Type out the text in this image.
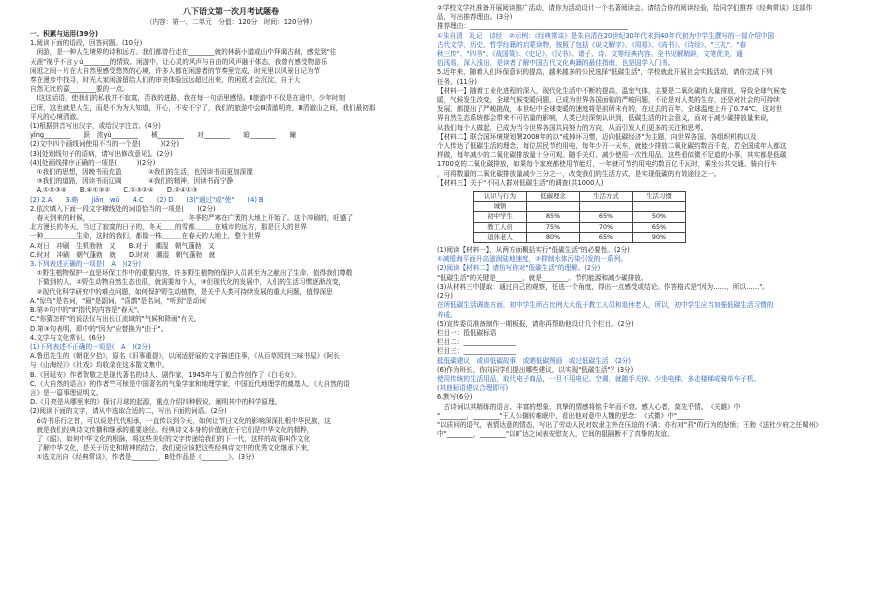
八下语文第一次月考试题卷
（内容：第一、二单元　分值：120分　时间：120分钟）
一、积累与运用(39分)
1.阅读下面的语段，回答问题。(10分)
　闲游，是一种人生境界的诗和远方。我们都曾行走在________就的林荫小道或山中拜谒古刹，感觉到"往
天涯"视乎不言ｙú________的情致。闲游中，让心灵的风声与自由的风声融于体态，我曾有感受物游乐
闲逛之间－片在大自然里感受悠然的心境，许多人都在闲游者的节奏里完成，时光里以风景日记为节
奏在漫步中找寻，时光大家闲游留给人们的审美体验远远超过出来，的闲逛才会沉淀，自于大
自然无比的嘉________要的一点。
　Ⅰ这这话语，使我们的私我并不寂寞，否我的进路，我在每一句话里感悟。Ⅱ旅游中不仅是在途中，少年时刻
已所，这也就是人生，而是不为为人知道，开心，不安不宁了，我们的旅游中会Ⅲ清澈明亮，Ⅲ清澈山之间，我们最初那
平凡的心境清澈。
(1)根据拼音写出汉字，或给汉字注音。(4分)
yǐng________　　跃　浓yù________　　械________　　对________　　暗________　　瞳
(2)文中四个画线词使用不当的一个是(　　　)(2分)
(3)[处划线句子的语病，请写出修改意见]。(2分)
(4)[处画线排序正确的一项是(　　　)(2分)
　①我们的思想，因晚书而充盈　　　　②我们的生活，也因读书而更加深邃
　③我们的道路，因读书而辽阔　　　　④我们的精神，因读书而宁静
　A.①②③④　　B.④①③②　　C.①③②④　　D.②④①③
(2) 2.A　　3.略　　jiǎn　wǔ　　4.C　　(2) D　　(3)"通过"或"使"　　(4) B
2.依次填入下面一段文字横线处的词语恰当的一项是(　　)(2分)
　春天到来的时候，＿＿＿＿＿＿＿＿＿＿＿＿＿＿，冬季的严寒在广袤的大地上开始了。这个冲刷的，旺盛了
北方漫长的冬天，当过了寂寞的日子的，冬天＿＿的雪都＿＿＿在城市的远方，那是巨大的世界
一种＿＿＿＿＿生命，这时的我们，都像一株＿＿＿在春天的大地上，整个世界
A.对日　冲刷　生机勃勃　又　　B.对于　潮湿　朝气蓬勃　又
C.时对　冲刷　朝气蓬勃　就　　D.时对　潮湿　朝气蓬勃　就
3.下列表述正确的一项是(　A　)(2分)
　①野生植物保护一直是环保工作中的重要内容，许多野生植物的保护人员甚至为之献出了生命，值得我们尊敬
　下做到的人，②野生动物自然生态也很，就需要每个人，③但现代化的发展中，人们的生活习惯逐渐改变，
　②现代化科学研究中的难点问题，如何保护野生动植物，是关乎人类可持续发展的重大问题，值得深思
A."惊鸟"是名词，"最"是副词，"喜鹊"是名词，"听到"是动词
B.第②句中的"Ⅱ"指代的内容是"春天"。
C."你猜怎样"的说法仅与出长江流域的"气候和降雨"有关。
D.第③句表明，即中的"因为"应替换为"由于"。
4.文学与文化常识。(6分)
(1)下列表述不正确的一项是(　A　)(2分)
A.鲁迅先生的《朝花夕拾》，原名《旧事重提》，以闲适舒展的文字描述往事，《从百草园到三味书屋》《阿长
与《山海经》》《社戏》均收录在这本散文集中。
B.《回延安》作者贺敬之是现代著名的诗人、剧作家，1945年与丁毅合作创作了《白毛女》。
C.《大自然的语言》的作者竺可桢是中国著名的气象学家和地理学家，中国近代地理学的奠基人，《大自然的语
言》是一篇事理说明文。
D.《月亮是从哪里来的》探讨月球的起源，重点介绍四种假说，阐明其中的科学原理。
(2)阅读下面的文字，请从中选取合适的二，写出下面的词语。(2分)
　ǒ诗书乐行之首，可以说是代代相承，一直传以到今天，如何让节日文化的影响深深扎根中华民族，这
　就是我们经典诗文传播和继承的重要途径。经典诗文本身的价值就在于它们是中华文化的精粹，
　了《韶》，如何中华文化的根脉，将这些美好的文字传递给我们的下一代，这样的故事叫作文化
　了解中华文化，是关于历史和精神的结合，我们更应该把这些经典诗文中的优秀文化继承下来，
　①选文出自《经典常谈》，作者是________，B处作品是《________》。(3分)
②学校文学社准备开展阅读推广活动，请你为活动设计一个名著阅读会。请结合你的阅读经验，给同学们推荐《经典常谈》这部作
品，写出推荐理由。(3分)
推荐理由：________________________________________________
①朱自清　礼记　诗经　②示例：《经典常谈》是朱自清在20世纪30年代末到40年代初为中学生撰写的一部介绍中国
古代文学、历史、哲学经籍的启蒙读物，按照了包括《说文解字》、《周易》、《尚书》、《诗经》、"三礼"、"春
秋三传"、"四书"、《战国策》、《史记》、《汉书》、诸子、诗、文等经典内容。全书见解精辟，文笔优美，通
俗浅易，深入浅出，是读者了解中国古代文化典籍的最佳指南，也是国学入门书。
5.近年来，随着人们环保意识的提高，越来越多的公民选择"低碳生活"，学校就此开展社会实践活动，请你完成下列
任务。(11分)
【材料一】随着工业化进程的深入，现代化生活中不断的提高，温室气体，主要是二氧化碳的大量排放，导致全球气候变
暖，气候发生改变，全球气候变暖问题，已成为世界各国面临的严峻问题，不论是对人类的生存，还是对社会的可持续
发展，都提出了严峻挑战，本世纪中全球变暖的速度将是前所未有的，在过去的百年，全球温度上升了0.74℃，这对世
界自然生态系统都会带来不可估量的影响，人类已经深刻认识到，低碳生活的社会意义，而对于减少碳排放量来说，
从我们每个人做起，已成为当今世界各国共同努力的方向，从而引发人们更多的关注和思考。
【材料二】联合国环境规划署2008年的以"戒掉坏习惯，迈向低碳经济"为主题，向世界各国、各组织机构以及
个人传达了低碳生活的理念，每位居民节约用电，每年少开一天车，就能少排放二氧化碳约数百千克，若全国成年人都这
样做，每年减少的二氧化碳排放量十分可观。随手关灯、减少使用一次性用品，这些看似微不足道的小事，其实都是低碳
1700克的二氧化碳排放，如果每个家庭都使用节能灯，一年就可节约用电约数百亿千瓦时，乘坐公共交通、骑自行车
，可将数量的二氧化碳排放量减少三分之一，改变我们的生活方式，是实现低碳的有效途径之一。
【材料三】关于"不同人群对低碳生活"的调查(共1000人)
认识与行为	低碳理念	生活方式	生活习惯
城镇			
初中学生	85%	65%	50%
教工人员	75%	70%	65%
退休老人	80%	65%	90%
(1)阅读【材料一】，从两方面概括实行"低碳生活"的必要性。(2分)
①减缓海平面升高滋润陆地速度，②抑制水体污染引发的一系列。
(2)阅读【材料二】请仿写你对"低碳生活"的理解。(2分)
"低碳生活"的关键是________，就是________。节约能源和减少碳排放。
(3)从材料三中提取：通过自己的观察，任选一个角度，得出一点感受或结论。作答格式是"因为……，所以……"。
(2分)
在所低碳生活调查方面，初中学生所占比例大大低于教工人员和退休老人，所以，初中学生应当加强低碳生活习惯的
养成。
(5)宣传委员准备制作一期板报，请你再帮助他设计几个栏目。(2分)
栏目一：抵低碳标语
栏目二：________________
栏目三：________________
抵低碳建议　或讲低碳故事　或晒低碳图画　或过低碳生活　(2分)
(6)作为班长，你向同学们提出哪些建议，以实现"低碳生活"？(3分)
使用传统的生活用品，取代电子商品，一旦不用电记、空调，就随手关掉。少坐电梯，多走楼梯或骑单车子机。
(其他标语建议合理即可)
6.默写(6分)
　古诗词以其精练的语言、丰富的想象、真挚的情感将铭千年而不衰。感人心者，莫先乎情。　《关雎》中
"________，________"王人公辗转难眠中，看出他对意中人魏的思念：　《式微》中"________
"以质问的语气，表情达意的情态，写出了劳动人民对奴隶主外在压迫的不满；亦有对"君"的行为的怒愤；王勃《送杜少府之任蜀州》
中"________，________"以旷达之词表安慰友人，它间的阻隔断不了真挚的友谊。
